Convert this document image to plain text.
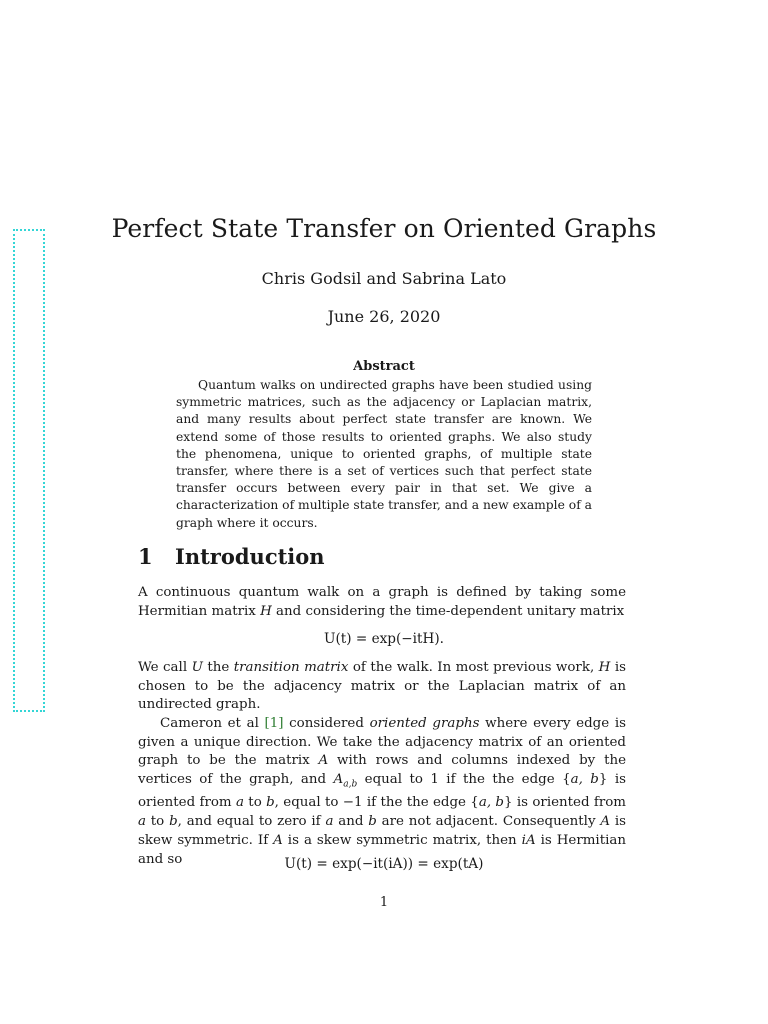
Perfect State Transfer on Oriented Graphs
Chris Godsil and Sabrina Lato
June 26, 2020
Abstract

Quantum walks on undirected graphs have been studied using symmetric matrices, such as the adjacency or Laplacian matrix, and many results about perfect state transfer are known. We extend some of those results to oriented graphs. We also study the phenomena, unique to oriented graphs, of multiple state transfer, where there is a set of vertices such that perfect state transfer occurs between every pair in that set. We give a characterization of multiple state transfer, and a new example of a graph where it occurs.

1 Introduction

A continuous quantum walk on a graph is defined by taking some Hermitian matrix H and considering the time-dependent unitary matrix

U(t) = exp(−itH).

We call U the transition matrix of the walk. In most previous work, H is chosen to be the adjacency matrix or the Laplacian matrix of an undirected graph.

Cameron et al [1] considered oriented graphs where every edge is given a unique direction. We take the adjacency matrix of an oriented graph to be the matrix A with rows and columns indexed by the vertices of the graph, and $A_{a,b}$ equal to 1 if the the edge {a, b} is oriented from a to b, equal to −1 if the the edge {a, b} is oriented from a to b, and equal to zero if a and b are not adjacent. Consequently A is skew symmetric. If A is a skew symmetric matrix, then iA is Hermitian and so	U(t) = exp(−it(iA)) = exp(tA)
1
